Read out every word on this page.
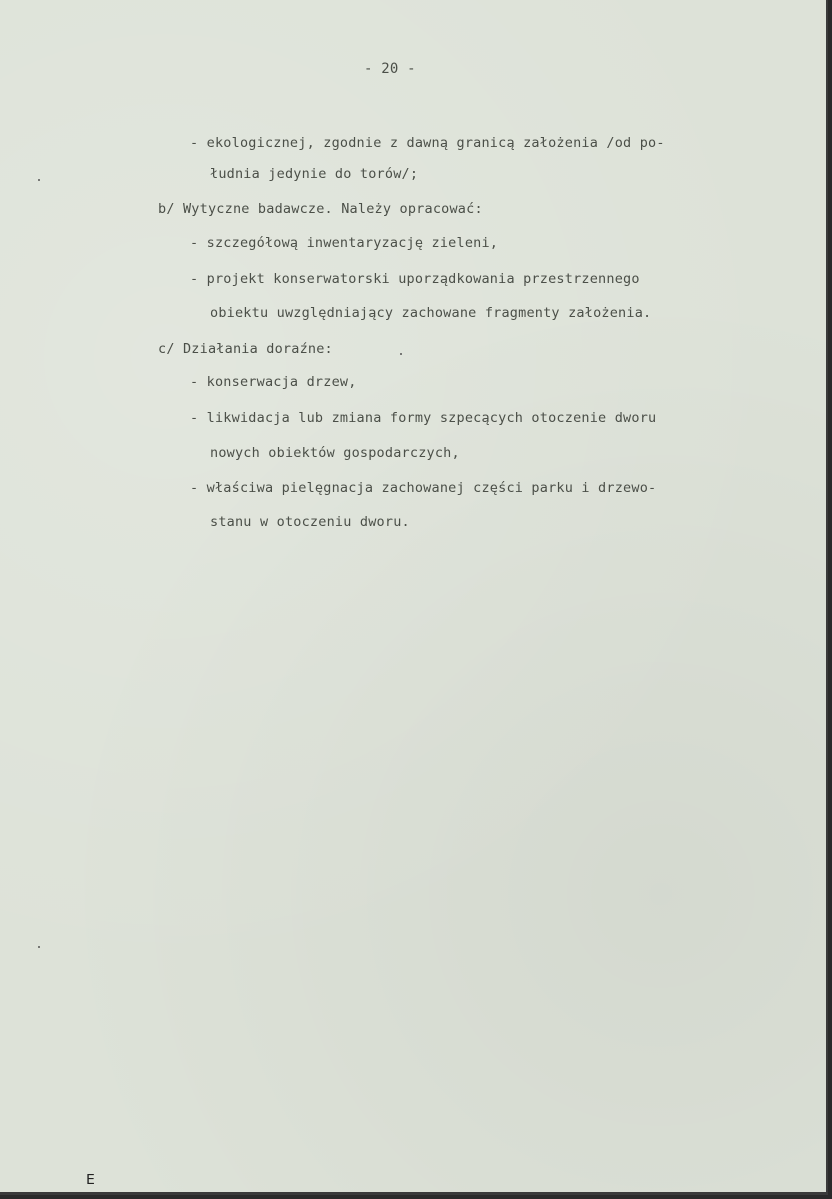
- 20 -
- ekologicznej, zgodnie z dawną granicą założenia /od po-
łudnia jedynie do torów/;
b/ Wytyczne badawcze. Należy opracować:
- szczegółową inwentaryzację zieleni,
- projekt konserwatorski uporządkowania przestrzennego
obiektu uwzględniający zachowane fragmenty założenia.
c/ Działania doraźne:
- konserwacja drzew,
- likwidacja lub zmiana formy szpecących otoczenie dworu
nowych obiektów gospodarczych,
- właściwa pielęgnacja zachowanej części parku i drzewo-
stanu w otoczeniu dworu.
ⴹ
